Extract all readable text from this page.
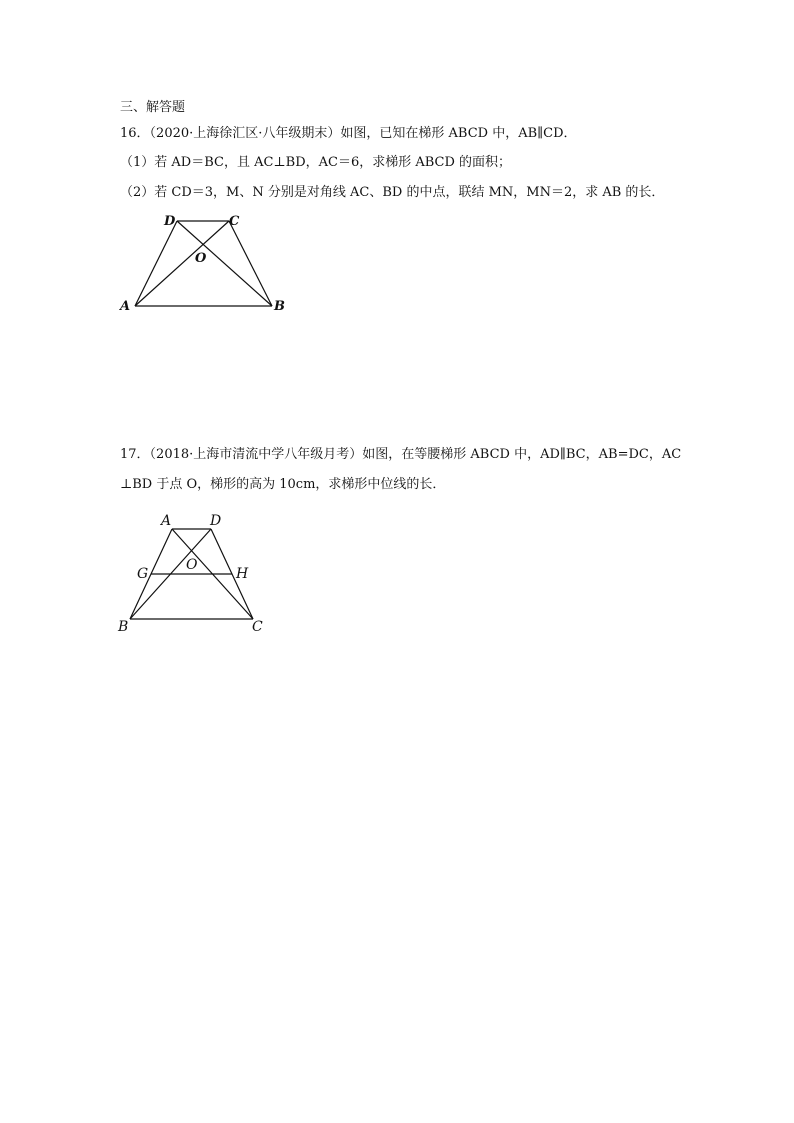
三、解答题
16．（2020·上海徐汇区·八年级期末）如图，已知在梯形 ABCD 中，AB∥CD．
（1）若 AD＝BC，且 AC⊥BD，AC＝6，求梯形 ABCD 的面积；
（2）若 CD＝3，M、N 分别是对角线 AC、BD 的中点，联结 MN，MN＝2，求 AB 的长．
D	C
O
A	B
17．（2018·上海市清流中学八年级月考）如图，在等腰梯形 ABCD 中，AD∥BC，AB=DC，AC
⊥BD 于点 O，梯形的高为 10cm，求梯形中位线的长．
A	D
O
G	H
B	C
